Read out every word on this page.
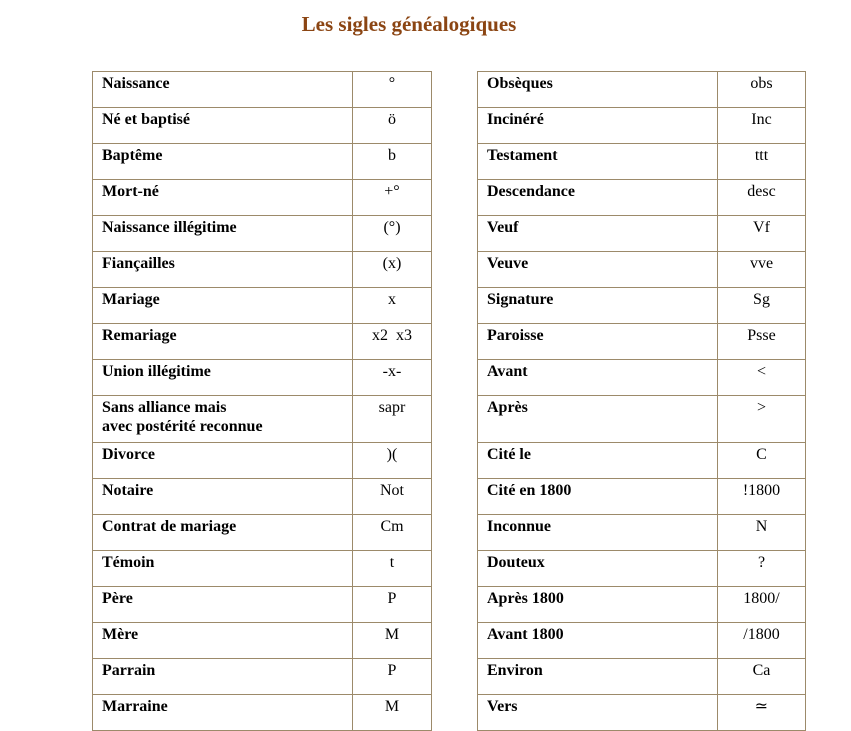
Les sigles généalogiques
Naissance	°
Né et baptisé	ö
Baptême	b
Mort-né	+°
Naissance illégitime	(°)
Fiançailles	(x)
Mariage	x
Remariage	x2  x3
Union illégitime	-x-
Sans alliance mais
avec postérité reconnue	sapr
Divorce	)(
Notaire	Not
Contrat de mariage	Cm
Témoin	t
Père	P
Mère	M
Parrain	P
Marraine	M
Obsèques	obs
Incinéré	Inc
Testament	ttt
Descendance	desc
Veuf	Vf
Veuve	vve
Signature	Sg
Paroisse	Psse
Avant	<
Après	>
Cité le	C
Cité en 1800	!1800
Inconnue	N
Douteux	?
Après 1800	1800/
Avant 1800	/1800
Environ	Ca
Vers	≃
